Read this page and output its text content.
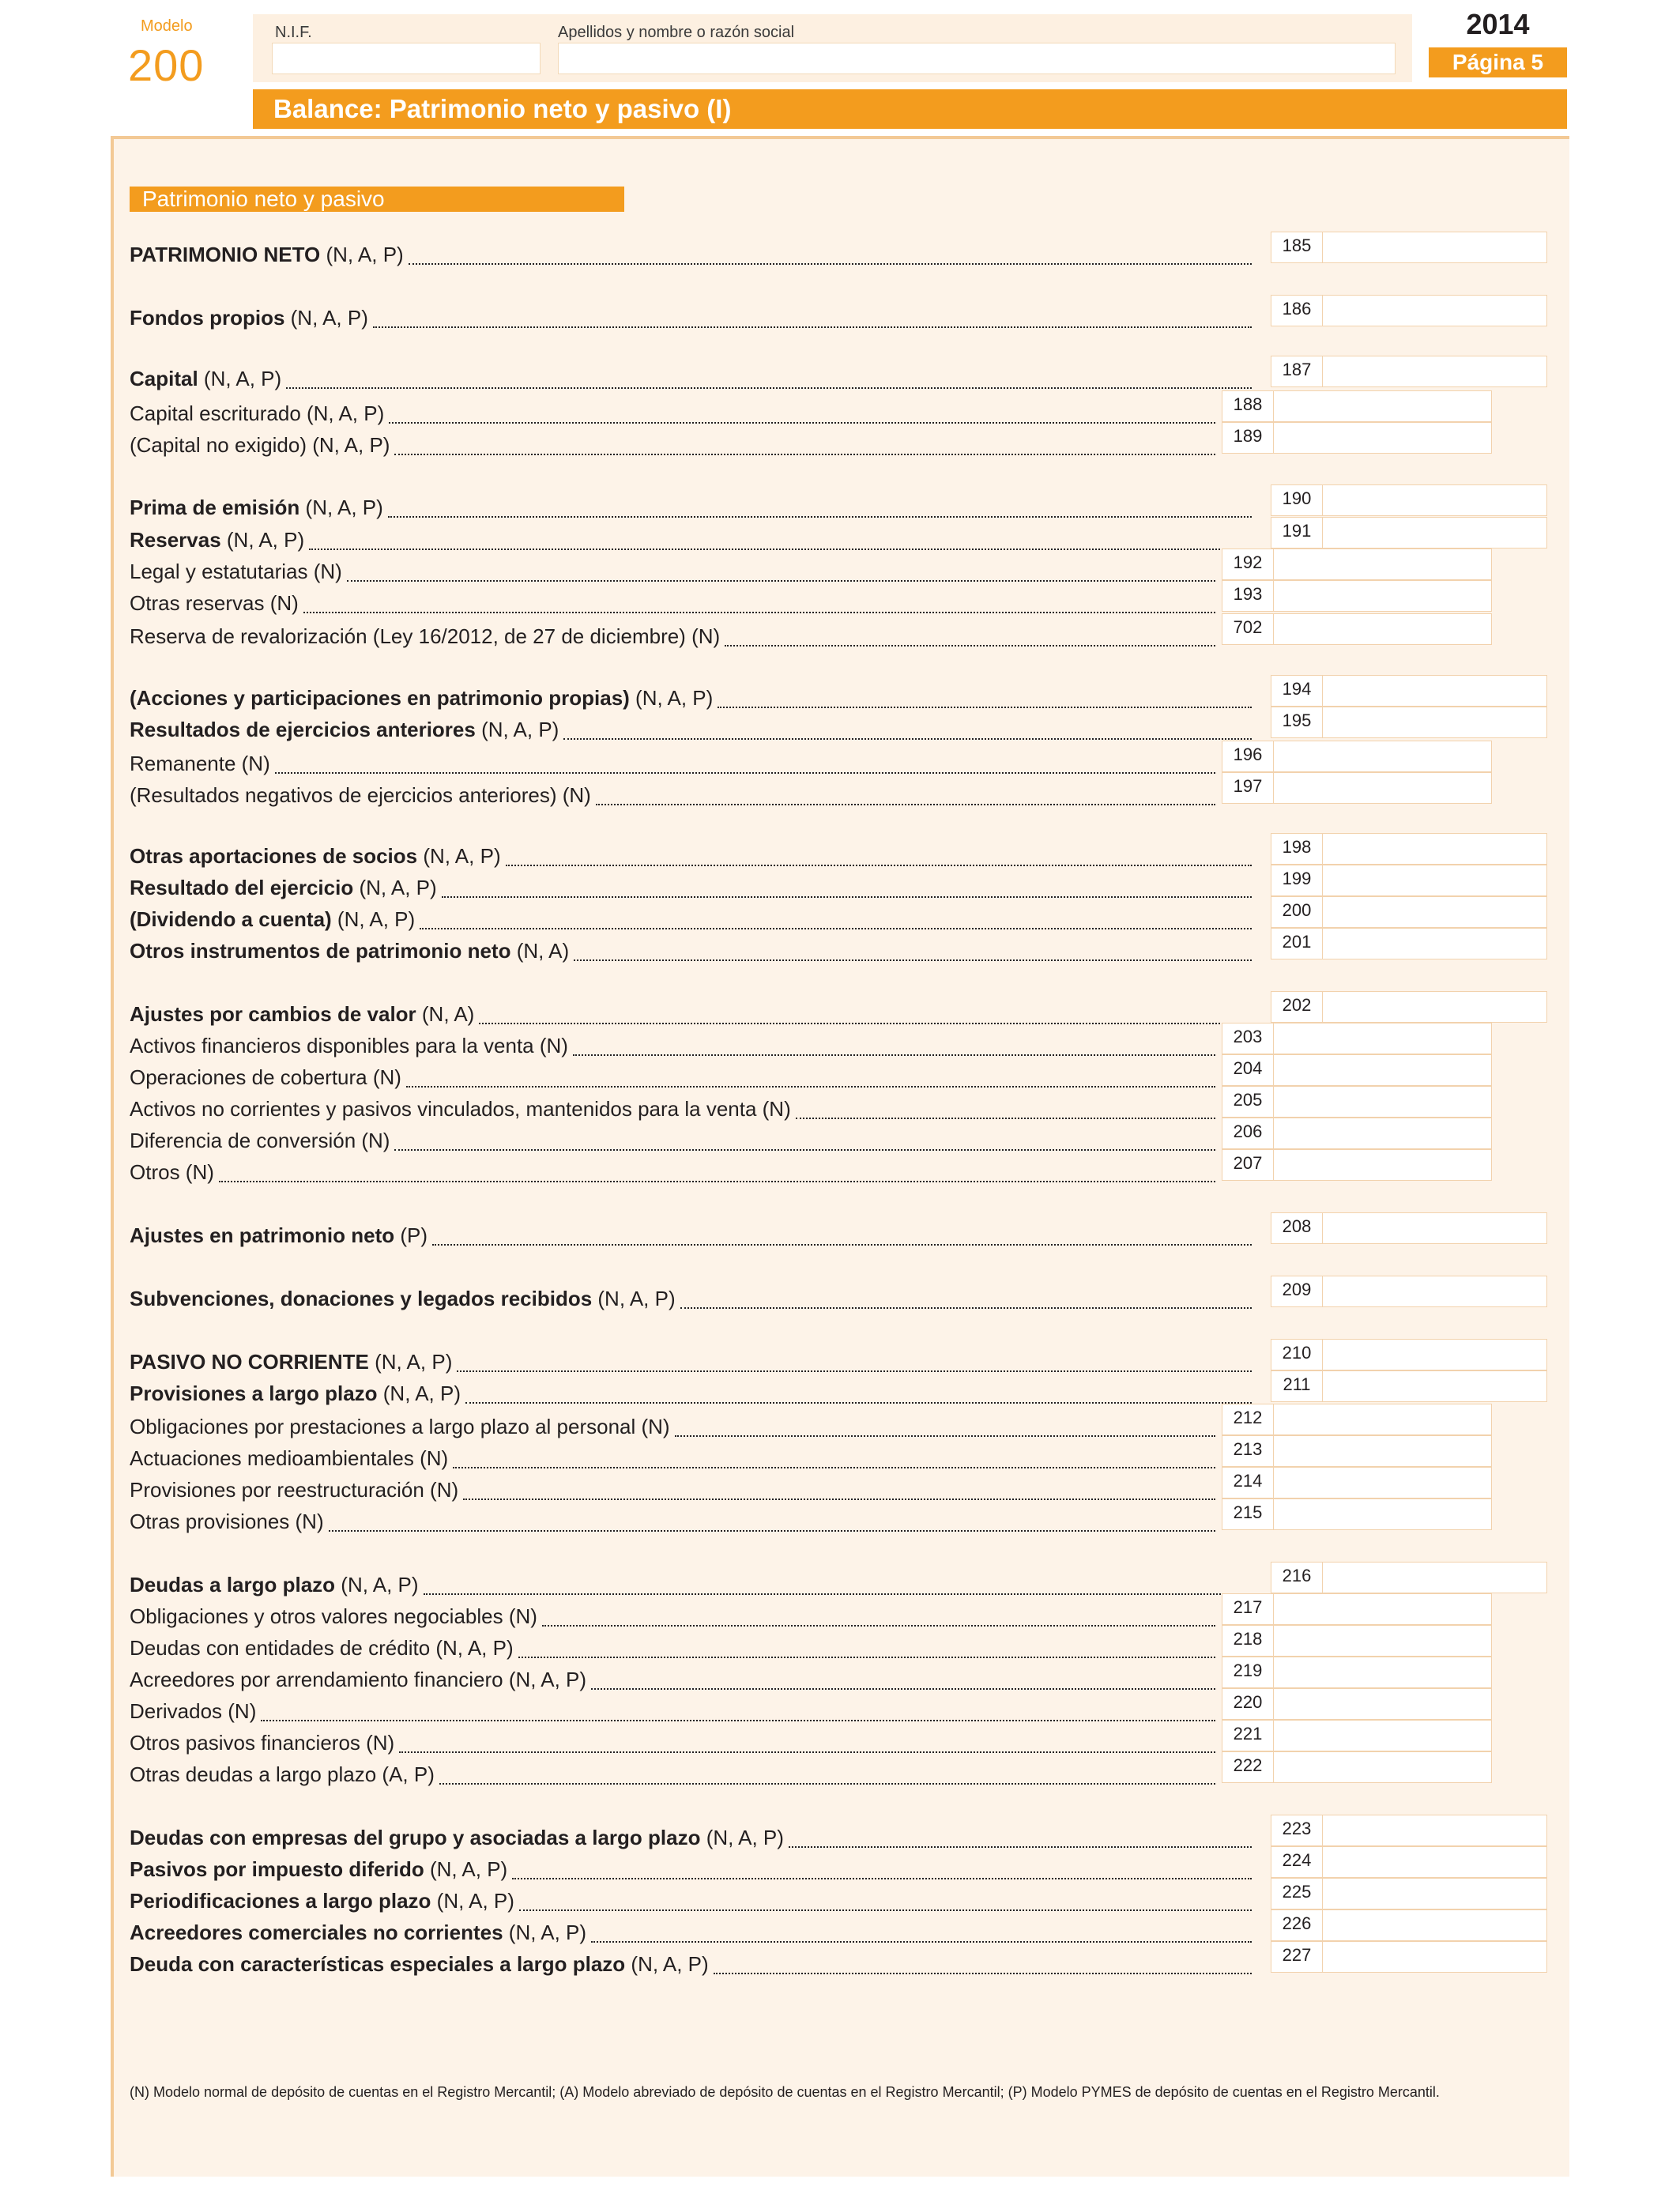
Modelo
200
N.I.F.	Apellidos y nombre o razón social	2014
Página 5
Balance: Patrimonio neto y pasivo (I)
Patrimonio neto y pasivo
PATRIMONIO NETO (N, A, P)	185
Fondos propios (N, A, P)	186
Capital (N, A, P)	187
Capital escriturado (N, A, P)	188
(Capital no exigido) (N, A, P)	189
Prima de emisión (N, A, P)	190
Reservas (N, A, P)	191
Legal y estatutarias (N)	192
Otras reservas (N)	193
Reserva de revalorización (Ley 16/2012, de 27 de diciembre) (N)	702
(Acciones y participaciones en patrimonio propias) (N, A, P)	194
Resultados de ejercicios anteriores (N, A, P)	195
Remanente (N)	196
(Resultados negativos de ejercicios anteriores) (N)	197
Otras aportaciones de socios (N, A, P)	198
Resultado del ejercicio (N, A, P)	199
(Dividendo a cuenta) (N, A, P)	200
Otros instrumentos de patrimonio neto (N, A)	201
Ajustes por cambios de valor (N, A)	202
Activos financieros disponibles para la venta (N)	203
Operaciones de cobertura (N)	204
Activos no corrientes y pasivos vinculados, mantenidos para la venta (N)	205
Diferencia de conversión (N)	206
Otros (N)	207
Ajustes en patrimonio neto (P)	208
Subvenciones, donaciones y legados recibidos (N, A, P)	209
PASIVO NO CORRIENTE (N, A, P)	210
Provisiones a largo plazo (N, A, P)	211
Obligaciones por prestaciones a largo plazo al personal (N)	212
Actuaciones medioambientales (N)	213
Provisiones por reestructuración (N)	214
Otras provisiones (N)	215
Deudas a largo plazo (N, A, P)	216
Obligaciones y otros valores negociables (N)	217
Deudas con entidades de crédito (N, A, P)	218
Acreedores por arrendamiento financiero (N, A, P)	219
Derivados (N)	220
Otros pasivos financieros (N)	221
Otras deudas a largo plazo (A, P)	222
Deudas con empresas del grupo y asociadas a largo plazo (N, A, P)	223
Pasivos por impuesto diferido (N, A, P)	224
Periodificaciones a largo plazo (N, A, P)	225
Acreedores comerciales no corrientes (N, A, P)	226
Deuda con características especiales a largo plazo (N, A, P)	227
(N) Modelo normal de depósito de cuentas en el Registro Mercantil; (A) Modelo abreviado de depósito de cuentas en el Registro Mercantil; (P) Modelo PYMES de depósito de cuentas en el Registro Mercantil.
